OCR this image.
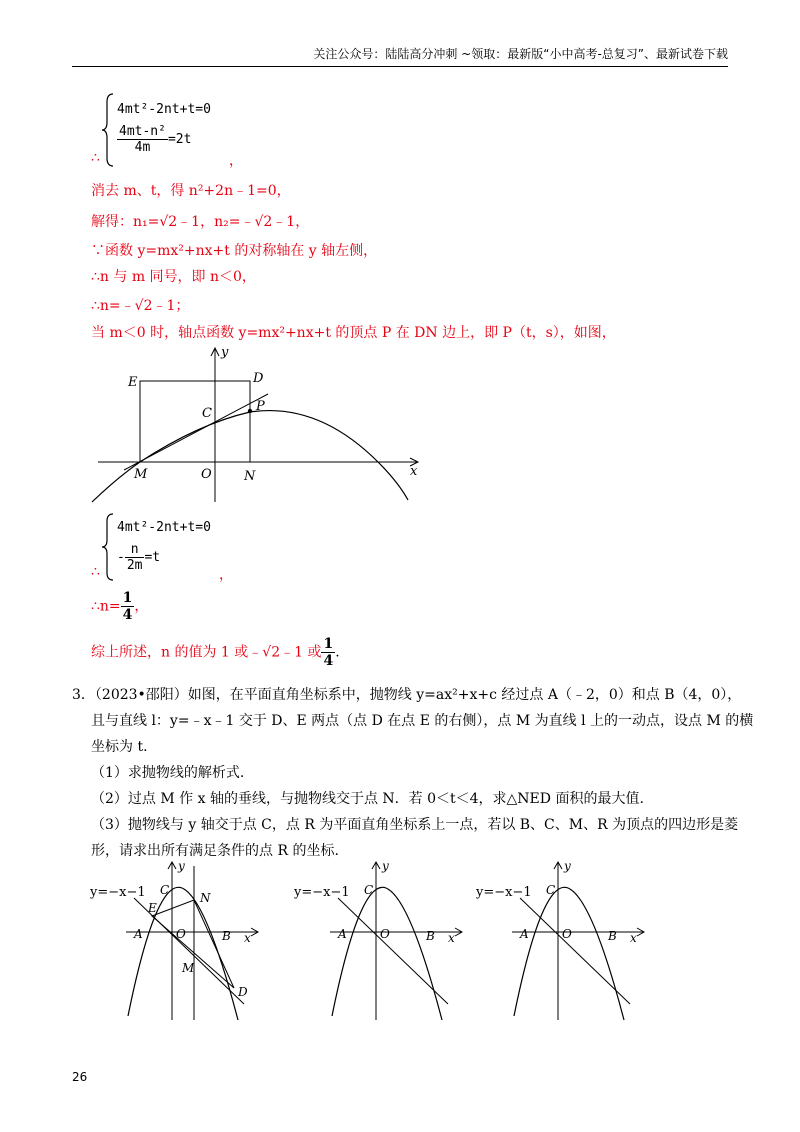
关注公众号：陆陆高分冲刺 ~领取：最新版“小中高考-总复习”、最新试卷下载
∴
4mt²-2nt+t=0
$\frac{\text{4mt-n²}}{4m} =2t$
，
消去 m、t，得 n²+2n﹣1=0，
解得：n₁=√2﹣1，n₂=﹣√2﹣1，
∵函数 y=mx²+nx+t 的对称轴在 y 轴左侧，
∴n 与 m 同号，即 n＜0，
∴n=﹣√2﹣1；
当 m＜0 时，轴点函数 y=mx²+nx+t 的顶点 P 在 DN 边上，即 P（t，s），如图，
E	D
C	P
M	O N	x
y
∴
4mt²-2nt+t=0
- $\frac{n}{2m} =t$
，
∴n= $\frac{1}{4}$ ，
综上所述，n 的值为 1 或﹣√2﹣1 或 $\frac{1}{4}$ .
3．（2023•邵阳）如图，在平面直角坐标系中，抛物线 y=ax²+x+c 经过点 A（﹣2，0）和点 B（4，0），
且与直线 l：y=﹣x﹣1 交于 D、E 两点（点 D 在点 E 的右侧），点 M 为直线 l 上的一动点，设点 M 的横
坐标为 t.
（1）求抛物线的解析式.
（2）过点 M 作 x 轴的垂线，与抛物线交于点 N．若 0＜t＜4，求△NED 面积的最大值.
（3）抛物线与 y 轴交于点 C，点 R 为平面直角坐标系上一点，若以 B、C、M、R 为顶点的四边形是菱
形，请求出所有满足条件的点 R 的坐标.
y=−x−1
A	O	B
C
E
N
M
D
x
y
y=−x−1
A	O	B
C
x
y
y=−x−1
A	O	B
C
x
y
26
